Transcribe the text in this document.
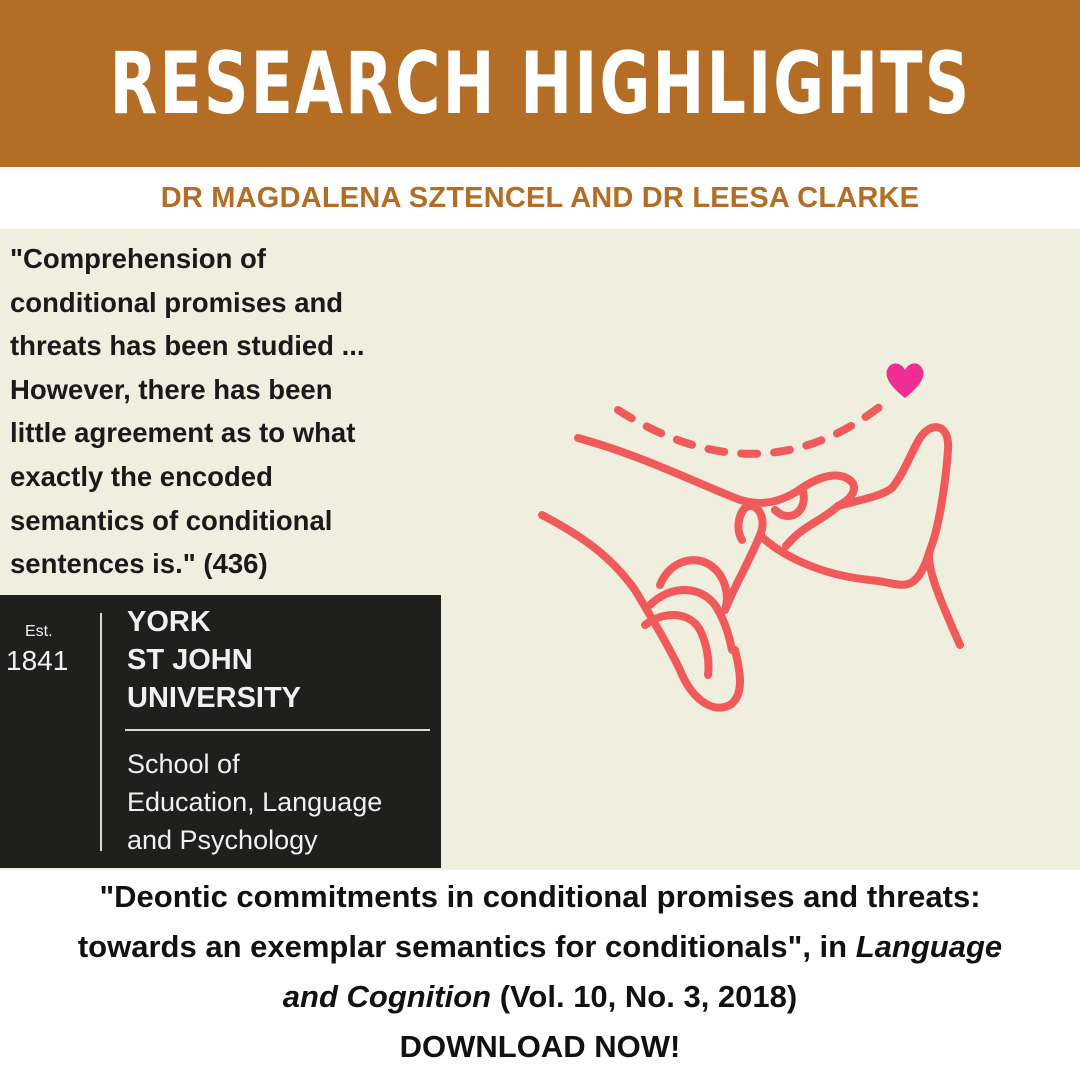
RESEARCH HIGHLIGHTS
DR MAGDALENA SZTENCEL AND DR LEESA CLARKE
"Comprehension of
conditional promises and
threats has been studied ...
However, there has been
little agreement as to what
exactly the encoded
semantics of conditional
sentences is." (436)
Est.
1841
YORK
ST JOHN
UNIVERSITY
School of
Education, Language
and Psychology
"Deontic commitments in conditional promises and threats:
towards an exemplar semantics for conditionals", in Language
and Cognition (Vol. 10, No. 3, 2018)
DOWNLOAD NOW!
